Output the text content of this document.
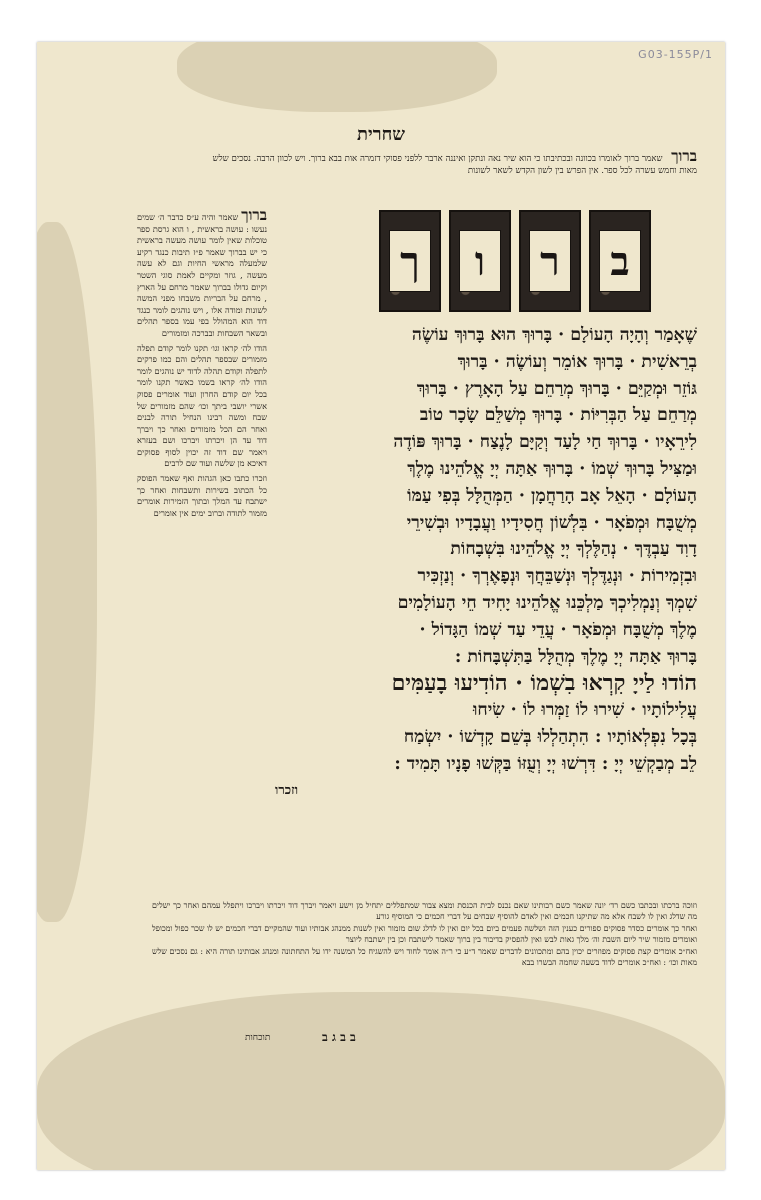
G03-155P/1
שחרית
ברוך שאמר ברוך לאומרו בכוונה ובכתיבתו כי הוא שיר נאה ונתקן ואיננה ארבר ללפני פסוקי דזמרה אות בבא ברוך. ויש לכוון הרבה. נסכים שלש מאות וחמש עשרה לכל ספר. אין הפרש בין לשון הקדש לשאר לשונות
ב
ר
ו
ך

ברוך שאמר והיה ע״ס כדבר ה׳ שמים נעשו : עושה בראשית , ו הוא גרסת ספר טוכלות שאין לומר עושה מעשה בראשית כי יש בברוך שאמר פ״ז תיבות כנגד רקיע שלמעלה מראשי החיות וגם לא עשה מעשה , גוזר ומקיים לאמת סוגי השטר וקיום גדולו בברוך שאמר מרחם על הארץ , מרחם על הבריות משבחו מפני המשה לשונות ומודה אלו , ויש נוהגים לומר כנגד דוד הוא המהולל בפי עמו בספר תהלים ובשאר השבחות ובברכה ומזמורים

הודו לה׳ קראו וגו׳ תקנו לומר קודם תפלה מזמורים שבספר תהלים והם כמו פרקים לתפלה וקודם תהלה לדוד יש נוהגים לומר הודו לה׳ קראו בשמו כאשר תקנו לומר בכל יום קודם החרון ועוד אומרים פסוק אשרי יושבי ביתך וכו׳ שהם מזמורים של שבח ומשה רבינו הנחיל תורה לבנים ואחר הם הכל מזמורים ואחר כך ויברך דוד עד הן ויכרתו ויברכו ושם בעזרא ויאמר שם דוד זה יכוין לסוף פסוקים דאיכא מן שלשה ועוד שם לרבים

וזכרו כתבו כאן הגהות ואף שאמר הפוסק כל הכתוב בשירות ותשבחות ואחר כך ישתבח עד המלך ובתוך הזמירות אומרים מזמור לתודה וברוב ימים אין אומרים

שֶׁאָמַר וְהָיָה הָעוֹלָם · בָּרוּךְ הוּא בָּרוּךְ עוֹשֶׂה

בְרֵאשִׁית · בָּרוּךְ אוֹמֵר וְעוֹשֶׂה · בָּרוּךְ

גּוֹזֵר וּמְקַיֵּם · בָּרוּךְ מְרַחֵם עַל הָאָרֶץ · בָּרוּךְ

מְרַחֵם עַל הַבְּרִיּוֹת · בָּרוּךְ מְשַׁלֵּם שָׂכָר טוֹב

לִירֵאָיו · בָּרוּךְ חַי לָעַד וְקַיָּם לָנֶצַח · בָּרוּךְ פּוֹדֶה

וּמַצִּיל בָּרוּךְ שְׁמוֹ · בָּרוּךְ אַתָּה יְיָ אֱלֹהֵינוּ מֶלֶךְ

הָעוֹלָם · הָאֵל אָב הָרַחֲמָן · הַמְּהֻלָּל בְּפִי עַמּוֹ

מְשֻׁבָּח וּמְפֹאָר · בִּלְשׁוֹן חֲסִידָיו וַעֲבָדָיו וּבְשִׁירֵי

דָוִד עַבְדֶּךָ · נְהַלֶּלְךָ יְיָ אֱלֹהֵינוּ בִּשְׁבָחוֹת

וּבִזְמִירוֹת · וּנְגַדֶּלְךָ וּנְשַׁבֵּחֲךָ וּנְפָאֶרְךָ · וְנַזְכִּיר

שִׁמְךָ וְנַמְלִיכְךָ מַלְכֵּנוּ אֱלֹהֵינוּ יָחִיד חֵי הָעוֹלָמִים

מֶלֶךְ מְשֻׁבָּח וּמְפֹאָר · עֲדֵי עַד שְׁמוֹ הַגָּדוֹל ·

בָּרוּךְ אַתָּה יְיָ מֶלֶךְ מְהֻלָּל בַּתִּשְׁבָּחוֹת :

הוֹדוּ לַייָ קִרְאוּ בִשְׁמוֹ · הוֹדִיעוּ בָעַמִּים

עֲלִילוֹתָיו · שִׁירוּ לוֹ זַמְּרוּ לוֹ · שִׂיחוּ

בְּכָל נִפְלְאוֹתָיו : הִתְהַלְלוּ בְּשֵׁם קָדְשׁוֹ · יִשְׂמַח

לֵב מְבַקְשֵׁי יְיָ : דִּרְשׁוּ יְיָ וְעֻזּוֹ בַּקְּשׁוּ פָנָיו תָּמִיד :

וזכרו

וזוכה ברכתו ובכתבו כשם רד׳ יונה שאמר כשם רבותינו שאם נכנס לבית הכנסת ומצא צבור שמתפללים יתחיל מן וישע ויאמר ויברך דוד ויכרתו ויברכו ויתפלל עמהם ואחר כך ישלים מה שדלג ואין לו לשבח אלא מה שתיקנו חכמים ואין לאדם להוסיף שבחים על דברי חכמים כי המוסיף גורע

ואחר כך אומרים כסדר פסוקים ספורים כענין הזה ושלשה פעמים ביום בכל יום ואין לו לדלג שום מזמור ואין לשנות ממנהג אבותיו ועוד שהמקיים דברי חכמים יש לו שכר כפול ומכופל ואומרים מזמור שיר ליום השבת וה׳ מלך גאות לבש ואין להפסיק בדיבור בין ברוך שאמר לישתבח וכן בין ישתבח ליוצר

ואח״כ אומרים קצת פסוקים מפוזרים יכוין בהם ומתכוונים לדברים שאמר ד״ע כי ר״ה אומר לחוד ויש להשגיח כל המשנה ידו על התחתונה ומנהג אבותינו תורה היא : גם נסכים שלש מאות וכו׳ : ואח״כ אומרים לדוד בשעה שחמה הבשרו בבא

ב ב ג ב
תוכחות
